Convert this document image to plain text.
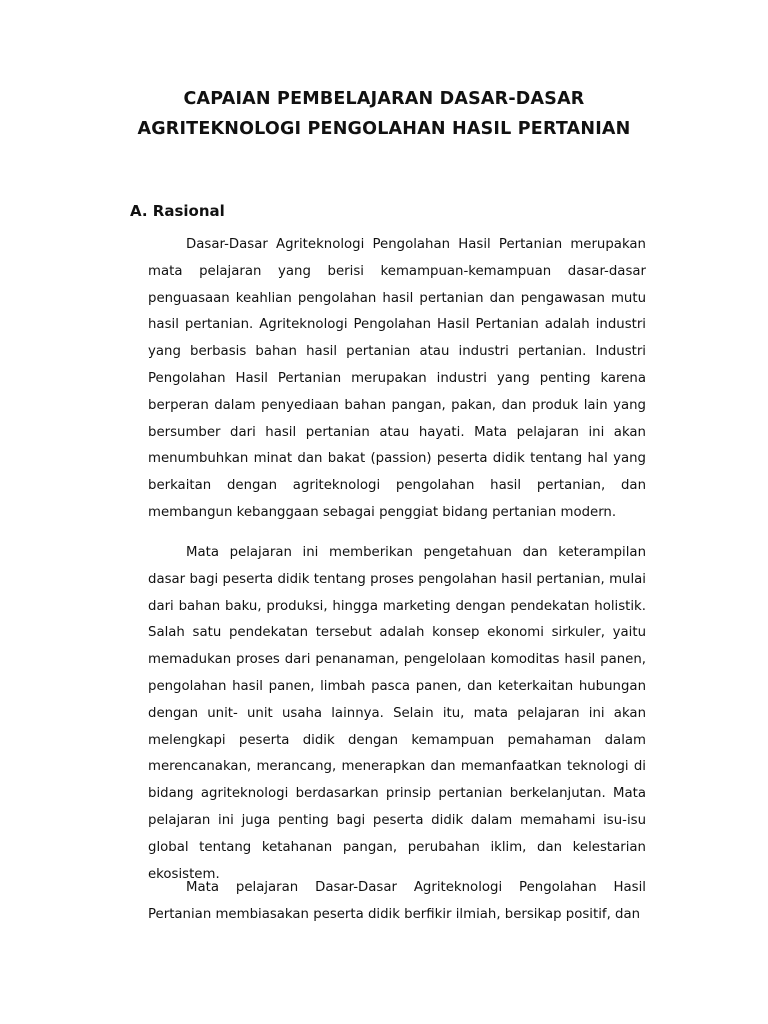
CAPAIAN PEMBELAJARAN DASAR-DASAR
AGRITEKNOLOGI PENGOLAHAN HASIL PERTANIAN
A. Rasional

Dasar-Dasar Agriteknologi Pengolahan Hasil Pertanian merupakan mata pelajaran yang berisi kemampuan-kemampuan dasar-dasar penguasaan keahlian pengolahan hasil pertanian dan pengawasan mutu hasil pertanian. Agriteknologi Pengolahan Hasil Pertanian adalah industri yang berbasis bahan hasil pertanian atau industri pertanian. Industri Pengolahan Hasil Pertanian merupakan industri yang penting karena berperan dalam penyediaan bahan pangan, pakan, dan produk lain yang bersumber dari hasil pertanian atau hayati. Mata pelajaran ini akan menumbuhkan minat dan bakat (passion) peserta didik tentang hal yang berkaitan dengan agriteknologi pengolahan hasil pertanian, dan membangun kebanggaan sebagai penggiat bidang pertanian modern.

Mata pelajaran ini memberikan pengetahuan dan keterampilan dasar bagi peserta didik tentang proses pengolahan hasil pertanian, mulai dari bahan baku, produksi, hingga marketing dengan pendekatan holistik. Salah satu pendekatan tersebut adalah konsep ekonomi sirkuler, yaitu memadukan proses dari penanaman, pengelolaan komoditas hasil panen, pengolahan hasil panen, limbah pasca panen, dan keterkaitan hubungan dengan unit- unit usaha lainnya. Selain itu, mata pelajaran ini akan melengkapi peserta didik dengan kemampuan pemahaman dalam merencanakan, merancang, menerapkan dan memanfaatkan teknologi di bidang agriteknologi berdasarkan prinsip pertanian berkelanjutan. Mata pelajaran ini juga penting bagi peserta didik dalam memahami isu-isu global tentang ketahanan pangan, perubahan iklim, dan kelestarian ekosistem.

Mata pelajaran Dasar-Dasar Agriteknologi Pengolahan Hasil Pertanian membiasakan peserta didik berfikir ilmiah, bersikap positif, dan
